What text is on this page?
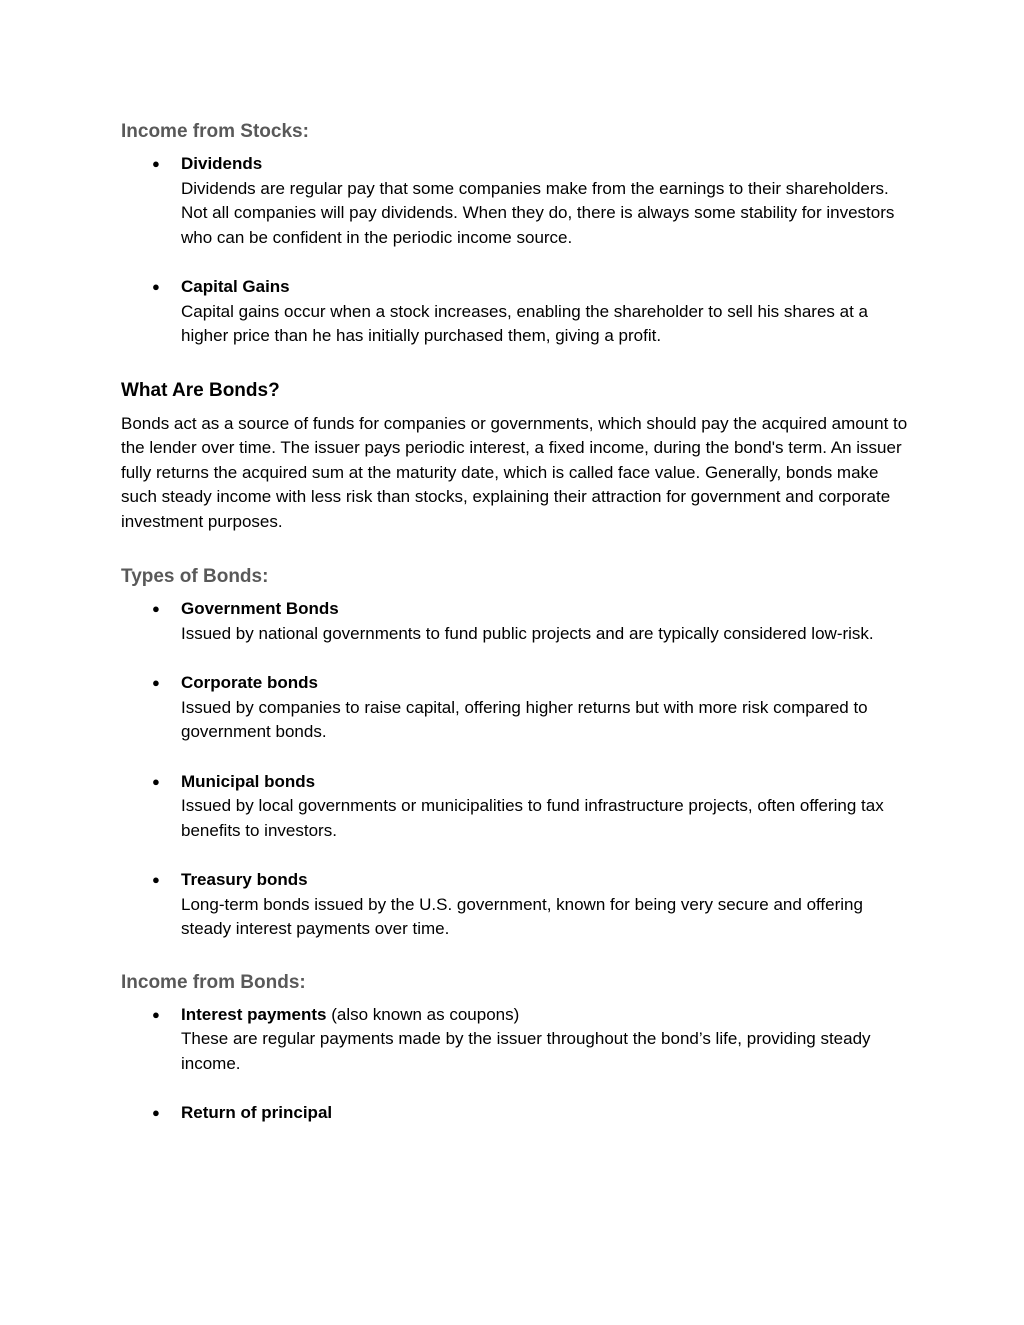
Income from Stocks:
● Dividends
Dividends are regular pay that some companies make from the earnings to their shareholders. Not all companies will pay dividends. When they do, there is always some stability for investors who can be confident in the periodic income source.
● Capital Gains
Capital gains occur when a stock increases, enabling the shareholder to sell his shares at a higher price than he has initially purchased them, giving a profit.
What Are Bonds?

Bonds act as a source of funds for companies or governments, which should pay the acquired amount to the lender over time. The issuer pays periodic interest, a fixed income, during the bond's term. An issuer fully returns the acquired sum at the maturity date, which is called face value. Generally, bonds make such steady income with less risk than stocks, explaining their attraction for government and corporate investment purposes.

Types of Bonds:
● Government Bonds
Issued by national governments to fund public projects and are typically considered low-risk.
● Corporate bonds
Issued by companies to raise capital, offering higher returns but with more risk compared to government bonds.
● Municipal bonds
Issued by local governments or municipalities to fund infrastructure projects, often offering tax benefits to investors.
● Treasury bonds
Long-term bonds issued by the U.S. government, known for being very secure and offering steady interest payments over time.
Income from Bonds:
● Interest payments (also known as coupons)
These are regular payments made by the issuer throughout the bond’s life, providing steady income.
● Return of principal
